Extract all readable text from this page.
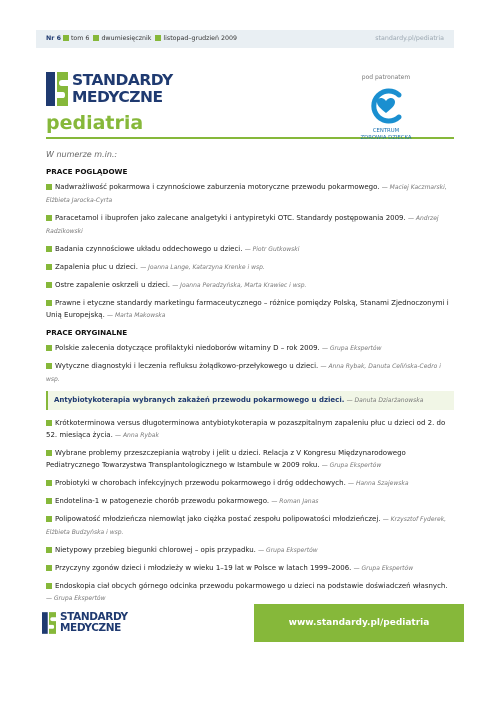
Nr 6 tom 6 dwumiesięcznik listopad–grudzień 2009	standardy.pl/pediatria
STANDARDY
MEDYCZNE
pediatria
pod patronatem
CENTRUM
ZDROWIA DZIECKA
W numerze m.in.:
PRACE POGLĄDOWE
Nadwrażliwość pokarmowa i czynnościowe zaburzenia motoryczne przewodu pokarmowego. — Maciej Kaczmarski, Elżbieta Jarocka-Cyrta
Paracetamol i ibuprofen jako zalecane analgetyki i antypiretyki OTC. Standardy postępowania 2009. — Andrzej Radzikowski
Badania czynnościowe układu oddechowego u dzieci. — Piotr Gutkowski
Zapalenia płuc u dzieci. — Joanna Lange, Katarzyna Krenke i wsp.
Ostre zapalenie oskrzeli u dzieci. — Joanna Peradzyńska, Marta Krawiec i wsp.
Prawne i etyczne standardy marketingu farmaceutycznego – różnice pomiędzy Polską, Stanami Zjednoczonymi i Unią Europejską. — Marta Makowska
PRACE ORYGINALNE
Polskie zalecenia dotyczące profilaktyki niedoborów witaminy D – rok 2009. — Grupa Ekspertów
Wytyczne diagnostyki i leczenia refluksu żołądkowo-przełykowego u dzieci. — Anna Rybak, Danuta Celińska-Cedro i wsp.
Antybiotykoterapia wybranych zakażeń przewodu pokarmowego u dzieci. — Danuta Dziarżanowska
Krótkoterminowa versus długoterminowa antybiotykoterapia w pozaszpitalnym zapaleniu płuc u dzieci od 2. do 52. miesiąca życia. — Anna Rybak
Wybrane problemy przeszczepiania wątroby i jelit u dzieci. Relacja z V Kongresu Międzynarodowego Pediatrycznego Towarzystwa Transplantologicznego w Istambule w 2009 roku. — Grupa Ekspertów
Probiotyki w chorobach infekcyjnych przewodu pokarmowego i dróg oddechowych. — Hanna Szajewska
Endotelina-1 w patogenezie chorób przewodu pokarmowego. — Roman Janas
Polipowatość młodzieńcza niemowląt jako ciężka postać zespołu polipowatości młodzieńczej. — Krzysztof Fyderek, Elżbieta Budzyńska i wsp.
Nietypowy przebieg biegunki chlorowej – opis przypadku. — Grupa Ekspertów
Przyczyny zgonów dzieci i młodzieży w wieku 1–19 lat w Polsce w latach 1999–2006. — Grupa Ekspertów
Endoskopia ciał obcych górnego odcinka przewodu pokarmowego u dzieci na podstawie doświadczeń własnych. — Grupa Ekspertów
STANDARDY
MEDYCZNE	www.standardy.pl/pediatria
